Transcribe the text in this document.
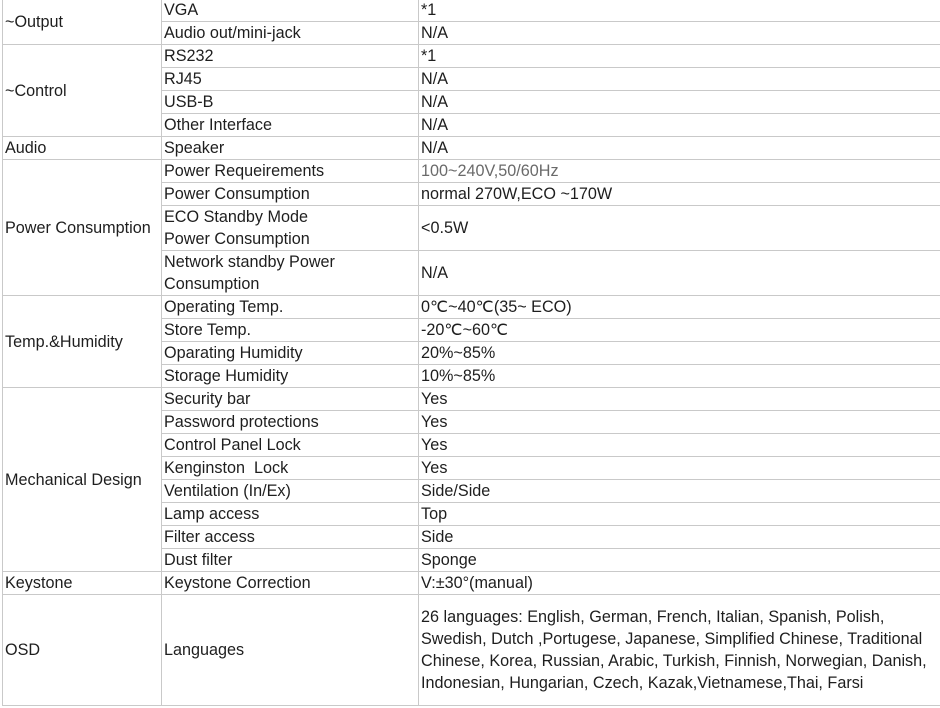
~Output	VGA	*1
	Audio out/mini-jack	N/A
~Control	RS232	*1
	RJ45	N/A
	USB-B	N/A
	Other Interface	N/A
Audio	Speaker	N/A
Power Consumption	Power Requeirements	100~240V,50/60Hz
	Power Consumption	normal 270W,ECO ~170W
	ECO Standby Mode Power Consumption	<0.5W
	Network standby Power Consumption	N/A
Temp.&Humidity	Operating Temp.	0℃~40℃(35~ ECO)
	Store Temp.	-20℃~60℃
	Oparating Humidity	20%~85%
	Storage Humidity	10%~85%
Mechanical Design	Security bar	Yes
	Password protections	Yes
	Control Panel Lock	Yes
	Kenginston  Lock	Yes
	Ventilation (In/Ex)	Side/Side
	Lamp access	Top
	Filter access	Side
	Dust filter	Sponge
Keystone	Keystone Correction	V:±30°(manual)
OSD	Languages	26 languages: English, German, French, Italian, Spanish, Polish, Swedish, Dutch ,Portugese, Japanese, Simplified Chinese, Traditional Chinese, Korea, Russian, Arabic, Turkish, Finnish, Norwegian, Danish, Indonesian, Hungarian, Czech, Kazak,Vietnamese,Thai, Farsi
